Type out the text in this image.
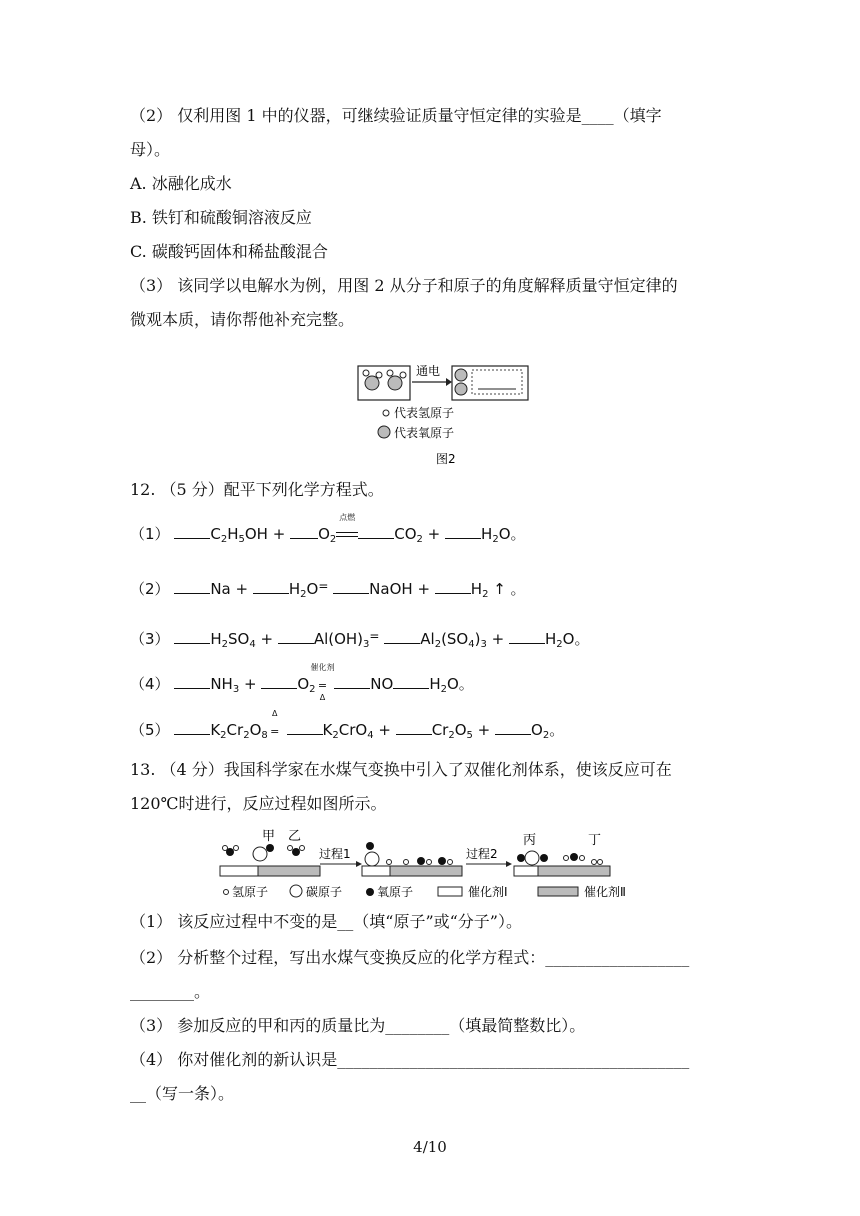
（2） 仅利用图 1 中的仪器，可继续验证质量守恒定律的实验是____（填字
母）。
A. 冰融化成水
B. 铁钉和硫酸铜溶液反应
C. 碳酸钙固体和稀盐酸混合
（3） 该同学以电解水为例，用图 2 从分子和原子的角度解释质量守恒定律的
微观本质，请你帮他补充完整。
通电
代表氢原子
代表氧原子
图2
12. （5 分）配平下列化学方程式。
（1）	$C_2H_5OH + O_2$
点燃
$CO_2$ +	$H_2O$。
（2）	Na +	$H_2O^=$	NaOH +	$H_2$ ↑ 。
（3）	$H_2SO_4$ +	$Al(OH)_3^=$	$Al_2(SO_4)_3$ +	$H_2O$。
（4）	$NH_3$ +	$O_2$
催化剂
=
Δ
NO $H_2O$。
（5）	$K_2Cr_2O_8$
Δ
=	$K_2CrO_4$ +	$Cr_2O_5$ +	$O_2$。
13. （4 分）我国科学家在水煤气变换中引入了双催化剂体系，使该反应可在
120℃时进行，反应过程如图所示。
甲 乙
过程1	过程2
丙	丁
氢原子	碳原子	氧原子	催化剂Ⅰ	催化剂Ⅱ
（1） 该反应过程中不变的是__（填“原子”或“分子”）。
（2） 分析整个过程，写出水煤气变换反应的化学方程式：__________________
________。
（3） 参加反应的甲和丙的质量比为________（填最简整数比）。
（4） 你对催化剂的新认识是____________________________________________
__（写一条）。
4/10
